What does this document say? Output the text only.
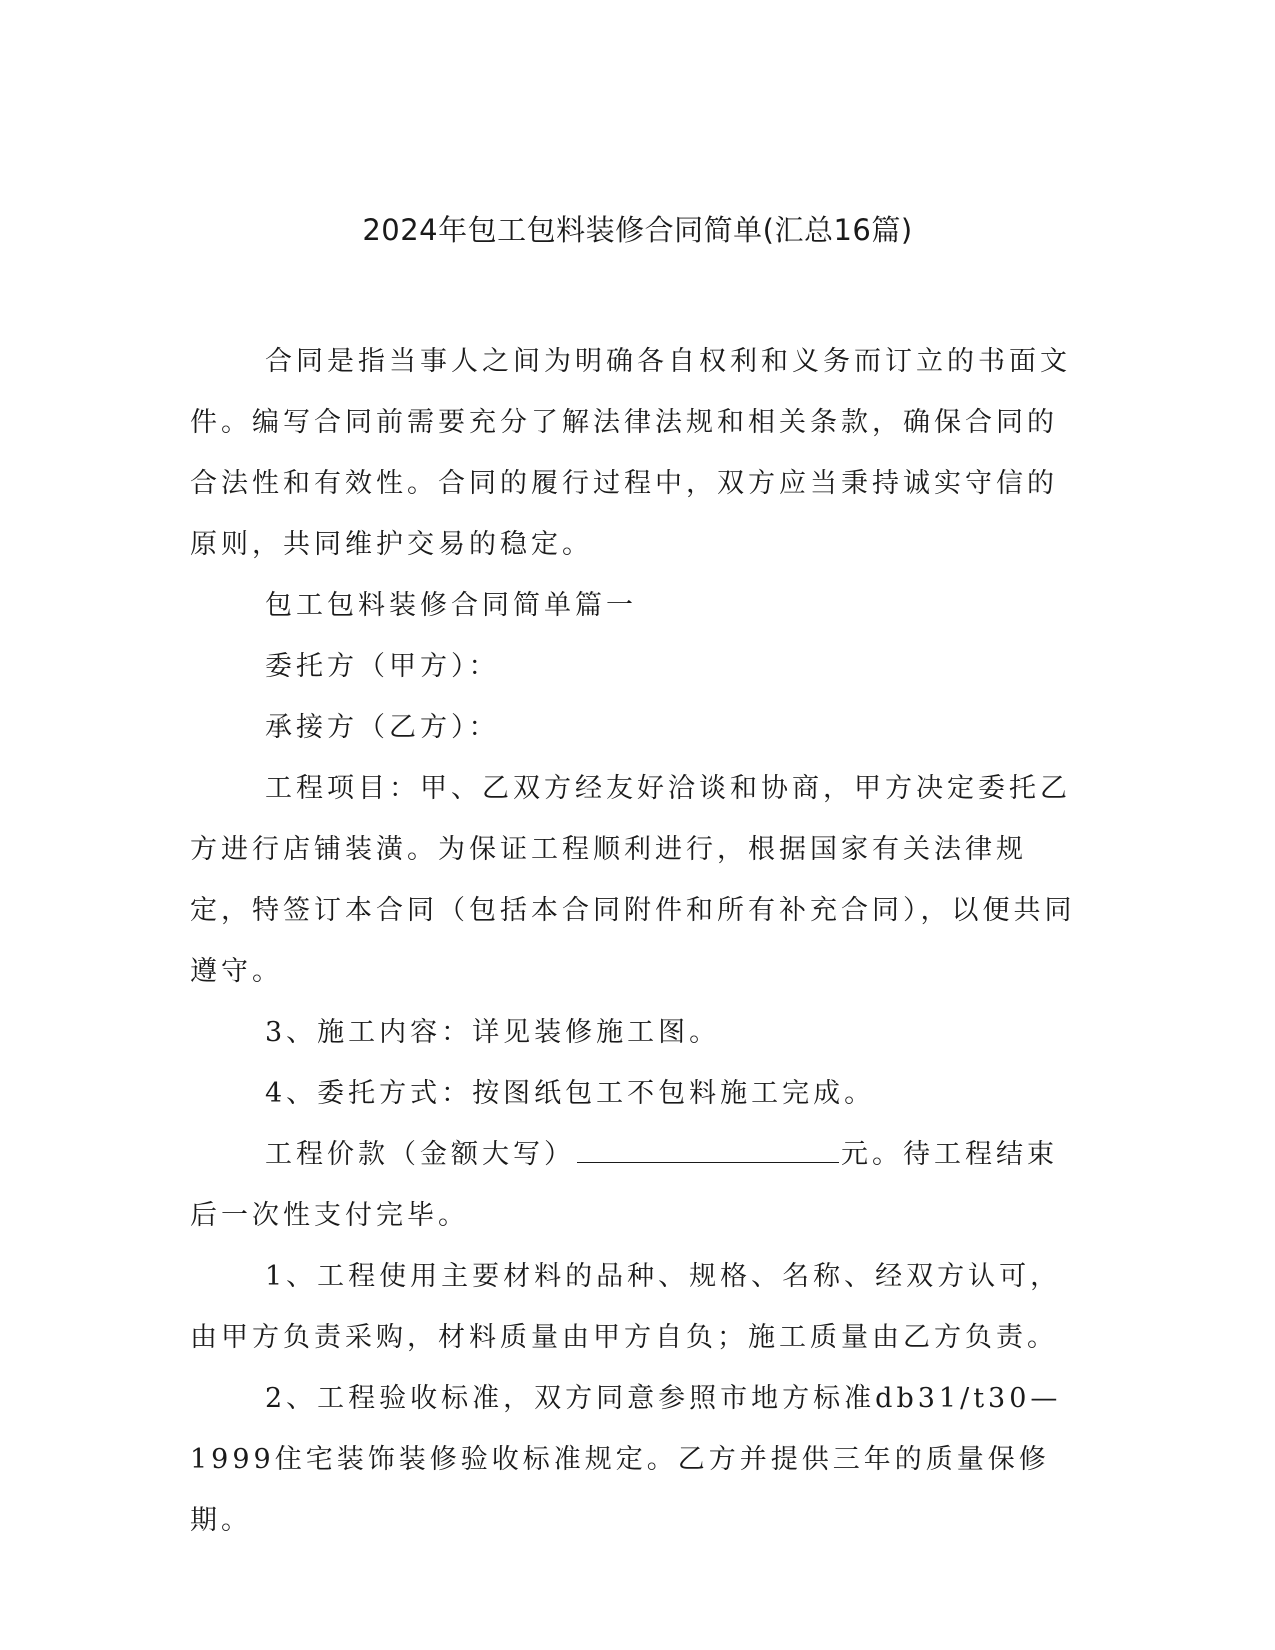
2024年包工包料装修合同简单(汇总16篇)

合同是指当事人之间为明确各自权利和义务而订立的书面文件。编写合同前需要充分了解法律法规和相关条款，确保合同的合法性和有效性。合同的履行过程中，双方应当秉持诚实守信的原则，共同维护交易的稳定。

包工包料装修合同简单篇一

委托方（甲方）：

承接方（乙方）：

工程项目：甲、乙双方经友好洽谈和协商，甲方决定委托乙方进行店铺装潢。为保证工程顺利进行，根据国家有关法律规定，特签订本合同（包括本合同附件和所有补充合同），以便共同遵守。

3、施工内容：详见装修施工图。

4、委托方式：按图纸包工不包料施工完成。

工程价款（金额大写）	元。待工程结束后一次性支付完毕。

1、工程使用主要材料的品种、规格、名称、经双方认可，由甲方负责采购，材料质量由甲方自负；施工质量由乙方负责。

2、工程验收标准，双方同意参照市地方标准db31/t30—1999住宅装饰装修验收标准规定。乙方并提供三年的质量保修期。
